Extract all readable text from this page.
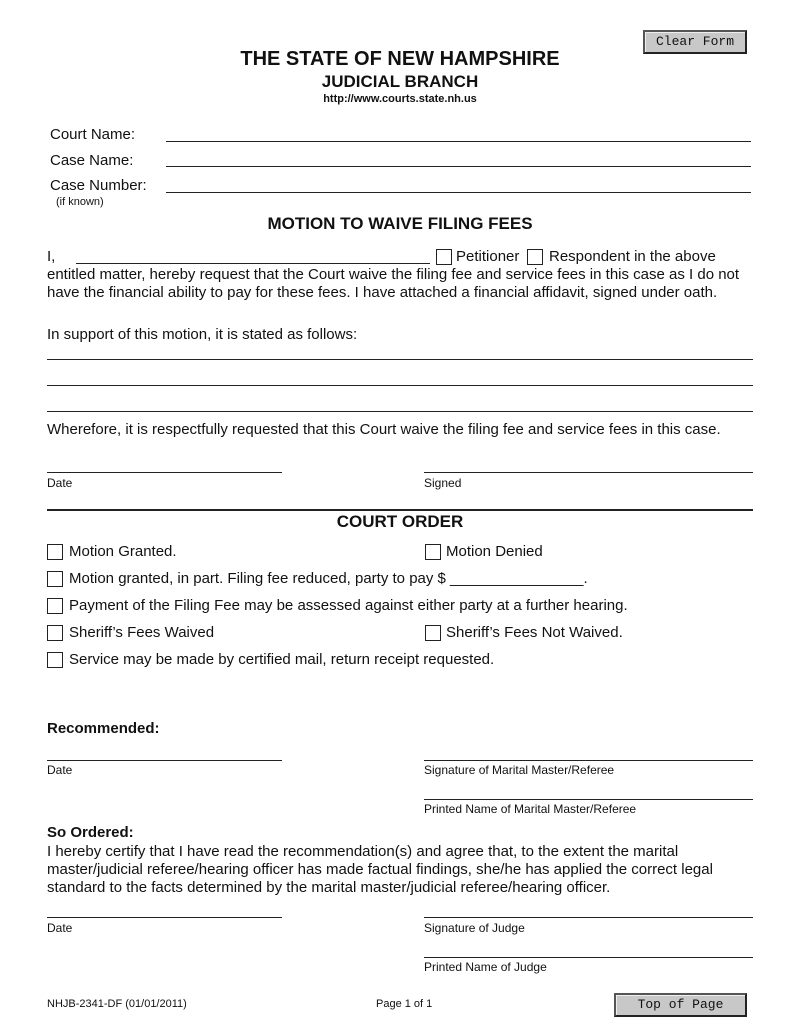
Clear Form
THE STATE OF NEW HAMPSHIRE
JUDICIAL BRANCH
http://www.courts.state.nh.us
Court Name:
Case Name:
Case Number:
(if known)
MOTION TO WAIVE FILING FEES
I,	Petitioner Respondent in the above
entitled matter, hereby request that the Court waive the filing fee and service fees in this case as I do not have the financial ability to pay for these fees. I have attached a financial affidavit, signed under oath.
In support of this motion, it is stated as follows:
Wherefore, it is respectfully requested that this Court waive the filing fee and service fees in this case.
Date	Signed
COURT ORDER
Motion Granted.	Motion Denied
Motion granted, in part. Filing fee reduced, party to pay $ ________________.
Payment of the Filing Fee may be assessed against either party at a further hearing.
Sheriff’s Fees Waived	Sheriff’s Fees Not Waived.
Service may be made by certified mail, return receipt requested.
Recommended:
Date	Signature of Marital Master/Referee
Printed Name of Marital Master/Referee
So Ordered:
I hereby certify that I have read the recommendation(s) and agree that, to the extent the marital master/judicial referee/hearing officer has made factual findings, she/he has applied the correct legal standard to the facts determined by the marital master/judicial referee/hearing officer.
Date	Signature of Judge
Printed Name of Judge
NHJB-2341-DF (01/01/2011)	Page 1 of 1	Top of Page
